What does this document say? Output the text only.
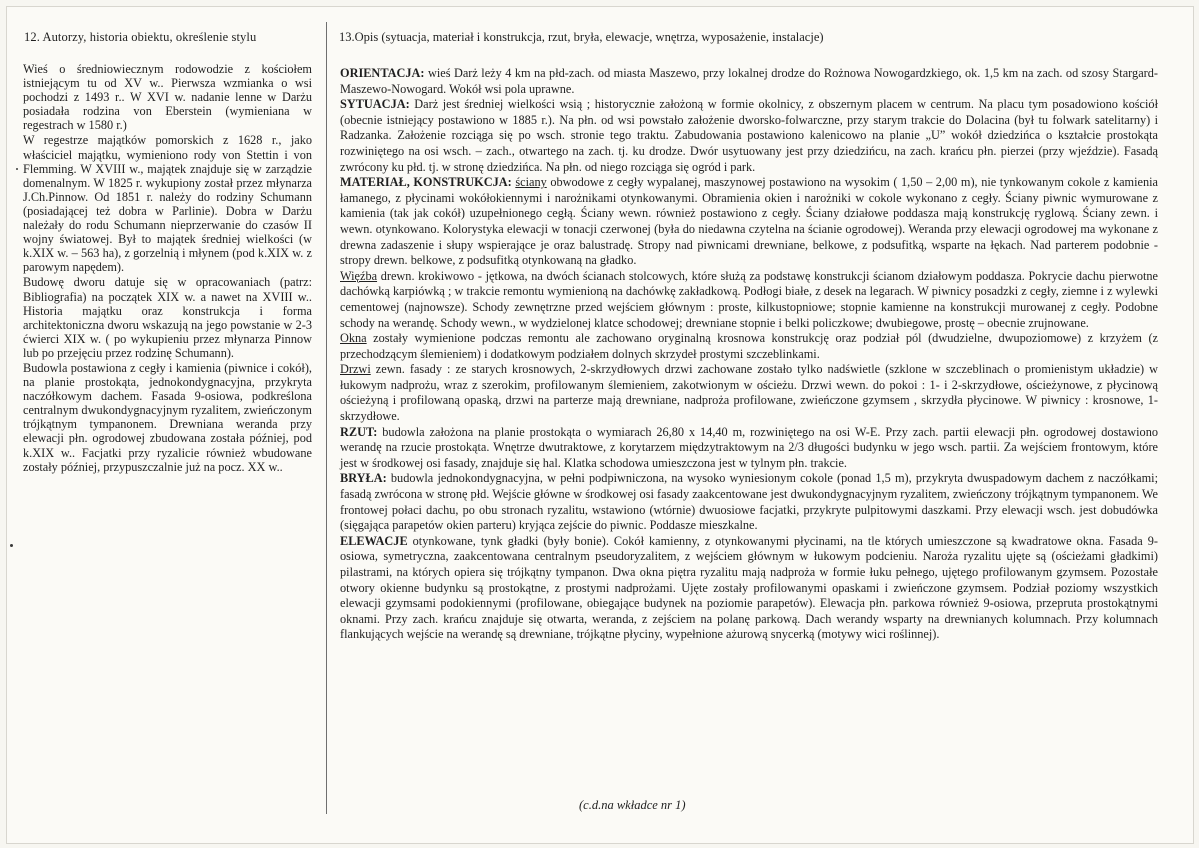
12. Autorzy, historia obiektu, określenie stylu	13.Opis (sytuacja, materiał i konstrukcja, rzut, bryła, elewacje, wnętrza, wyposażenie, instalacje)

Wieś o średniowiecznym rodowodzie z kościołem istniejącym tu od XV w.. Pierwsza wzmianka o wsi pochodzi z 1493 r.. W XVI w. nadanie lenne w Darżu posiadała rodzina von Eberstein (wymieniana w regestrach w 1580 r.)

W regestrze majątków pomorskich z 1628 r., jako właściciel majątku, wymieniono rody von Stettin i von Flemming. W XVIII w., majątek znajduje się w zarządzie domenalnym. W 1825 r. wykupiony został przez młynarza J.Ch.Pinnow. Od 1851 r. należy do rodziny Schumann (posiadającej też dobra w Parlinie). Dobra w Darżu należały do rodu Schumann nieprzerwanie do czasów II wojny światowej. Był to majątek średniej wielkości (w k.XIX w. – 563 ha), z gorzelnią i młynem (pod k.XIX w. z parowym napędem).

Budowę dworu datuje się w opracowaniach (patrz: Bibliografia) na początek XIX w. a nawet na XVIII w.. Historia majątku oraz konstrukcja i forma architektoniczna dworu wskazują na jego powstanie w 2-3 ćwierci XIX w. ( po wykupieniu przez młynarza Pinnow lub po przejęciu przez rodzinę Schumann).

Budowla postawiona z cegły i kamienia (piwnice i cokół), na planie prostokąta, jednokondygnacyjna, przykryta naczółkowym dachem. Fasada 9-osiowa, podkreślona centralnym dwukondygnacyjnym ryzalitem, zwieńczonym trójkątnym tympanonem. Drewniana weranda przy elewacji płn. ogrodowej zbudowana została później, pod k.XIX w.. Facjatki przy ryzalicie również wbudowane zostały później, przypuszczalnie już na pocz. XX w..

ORIENTACJA: wieś Darż leży 4 km na płd-zach. od miasta Maszewo, przy lokalnej drodze do Rożnowa Nowogardzkiego, ok. 1,5 km na zach. od szosy Stargard-Maszewo-Nowogard. Wokół wsi pola uprawne.

SYTUACJA: Darż jest średniej wielkości wsią ; historycznie założoną w formie okolnicy, z obszernym placem w centrum. Na placu tym posadowiono kościół (obecnie istniejący postawiono w 1885 r.). Na płn. od wsi powstało założenie dworsko-folwarczne, przy starym trakcie do Dolacina (był tu folwark satelitarny) i Radzanka. Założenie rozciąga się po wsch. stronie tego traktu. Zabudowania postawiono kalenicowo na planie „U” wokół dziedzińca o kształcie prostokąta rozwiniętego na osi wsch. – zach., otwartego na zach. tj. ku drodze. Dwór usytuowany jest przy dziedzińcu, na zach. krańcu płn. pierzei (przy wjeździe). Fasadą zwrócony ku płd. tj. w stronę dziedzińca. Na płn. od niego rozciąga się ogród i park.

MATERIAŁ, KONSTRUKCJA: ściany obwodowe z cegły wypalanej, maszynowej postawiono na wysokim ( 1,50 – 2,00 m), nie tynkowanym cokole z kamienia łamanego, z płycinami wokółokiennymi i narożnikami otynkowanymi. Obramienia okien i narożniki w cokole wykonano z cegły. Ściany piwnic wymurowane z kamienia (tak jak cokół) uzupełnionego cegłą. Ściany wewn. również postawiono z cegły. Ściany działowe poddasza mają konstrukcję ryglową. Ściany zewn. i wewn. otynkowano. Kolorystyka elewacji w tonacji czerwonej (była do niedawna czytelna na ścianie ogrodowej). Weranda przy elewacji ogrodowej ma wykonane z drewna zadaszenie i słupy wspierające je oraz balustradę. Stropy nad piwnicami drewniane, belkowe, z podsufitką, wsparte na łękach. Nad parterem podobnie - stropy drewn. belkowe, z podsufitką otynkowaną na gładko.

Więźba drewn. krokiwowo - jętkowa, na dwóch ścianach stolcowych, które służą za podstawę konstrukcji ścianom działowym poddasza. Pokrycie dachu pierwotne dachówką karpiówką ; w trakcie remontu wymienioną na dachówkę zakładkową. Podłogi białe, z desek na legarach. W piwnicy posadzki z cegły, ziemne i z wylewki cementowej (najnowsze). Schody zewnętrzne przed wejściem głównym : proste, kilkustopniowe; stopnie kamienne na konstrukcji murowanej z cegły. Podobne schody na werandę. Schody wewn., w wydzielonej klatce schodowej; drewniane stopnie i belki policzkowe; dwubiegowe, prostę – obecnie zrujnowane.

Okna zostały wymienione podczas remontu ale zachowano oryginalną krosnowa konstrukcję oraz podział pól (dwudzielne, dwupoziomowe) z krzyżem (z przechodzącym ślemieniem) i dodatkowym podziałem dolnych skrzydeł prostymi szczeblinkami.

Drzwi zewn. fasady : ze starych krosnowych, 2-skrzydłowych drzwi zachowane zostało tylko nadświetle (szklone w szczeblinach o promienistym układzie) w łukowym nadprożu, wraz z szerokim, profilowanym ślemieniem, zakotwionym w ościeżu. Drzwi wewn. do pokoi : 1- i 2-skrzydłowe, ościeżynowe, z płycinową ościeżyną i profilowaną opaską, drzwi na parterze mają drewniane, nadproża profilowane, zwieńczone gzymsem , skrzydła płycinowe. W piwnicy : krosnowe, 1-skrzydłowe.

RZUT: budowla założona na planie prostokąta o wymiarach 26,80 x 14,40 m, rozwiniętego na osi W-E. Przy zach. partii elewacji płn. ogrodowej dostawiono werandę na rzucie prostokąta. Wnętrze dwutraktowe, z korytarzem międzytraktowym na 2/3 długości budynku w jego wsch. partii. Za wejściem frontowym, które jest w środkowej osi fasady, znajduje się hal. Klatka schodowa umieszczona jest w tylnym płn. trakcie.

BRYŁA: budowla jednokondygnacyjna, w pełni podpiwniczona, na wysoko wyniesionym cokole (ponad 1,5 m), przykryta dwuspadowym dachem z naczółkami; fasadą zwrócona w stronę płd. Wejście główne w środkowej osi fasady zaakcentowane jest dwukondygnacyjnym ryzalitem, zwieńczony trójkątnym tympanonem. We frontowej połaci dachu, po obu stronach ryzalitu, wstawiono (wtórnie) dwuosiowe facjatki, przykryte pulpitowymi daszkami. Przy elewacji wsch. jest dobudówka (sięgająca parapetów okien parteru) kryjąca zejście do piwnic. Poddasze mieszkalne.

ELEWACJE otynkowane, tynk gładki (były bonie). Cokół kamienny, z otynkowanymi płycinami, na tle których umieszczone są kwadratowe okna. Fasada 9-osiowa, symetryczna, zaakcentowana centralnym pseudoryzalitem, z wejściem głównym w łukowym podcieniu. Naroża ryzalitu ujęte są (ościeżami gładkimi) pilastrami, na których opiera się trójkątny tympanon. Dwa okna piętra ryzalitu mają nadproża w formie łuku pełnego, ujętego profilowanym gzymsem. Pozostałe otwory okienne budynku są prostokątne, z prostymi nadprożami. Ujęte zostały profilowanymi opaskami i zwieńczone gzymsem. Podział poziomy wszystkich elewacji gzymsami podokiennymi (profilowane, obiegające budynek na poziomie parapetów). Elewacja płn. parkowa również 9-osiowa, przepruta prostokątnymi oknami. Przy zach. krańcu znajduje się otwarta, weranda, z zejściem na polanę parkową. Dach werandy wsparty na drewnianych kolumnach. Przy kolumnach flankujących wejście na werandę są drewniane, trójkątne płyciny, wypełnione ażurową snycerką (motywy wici roślinnej).

(c.d.na wkładce nr 1)
